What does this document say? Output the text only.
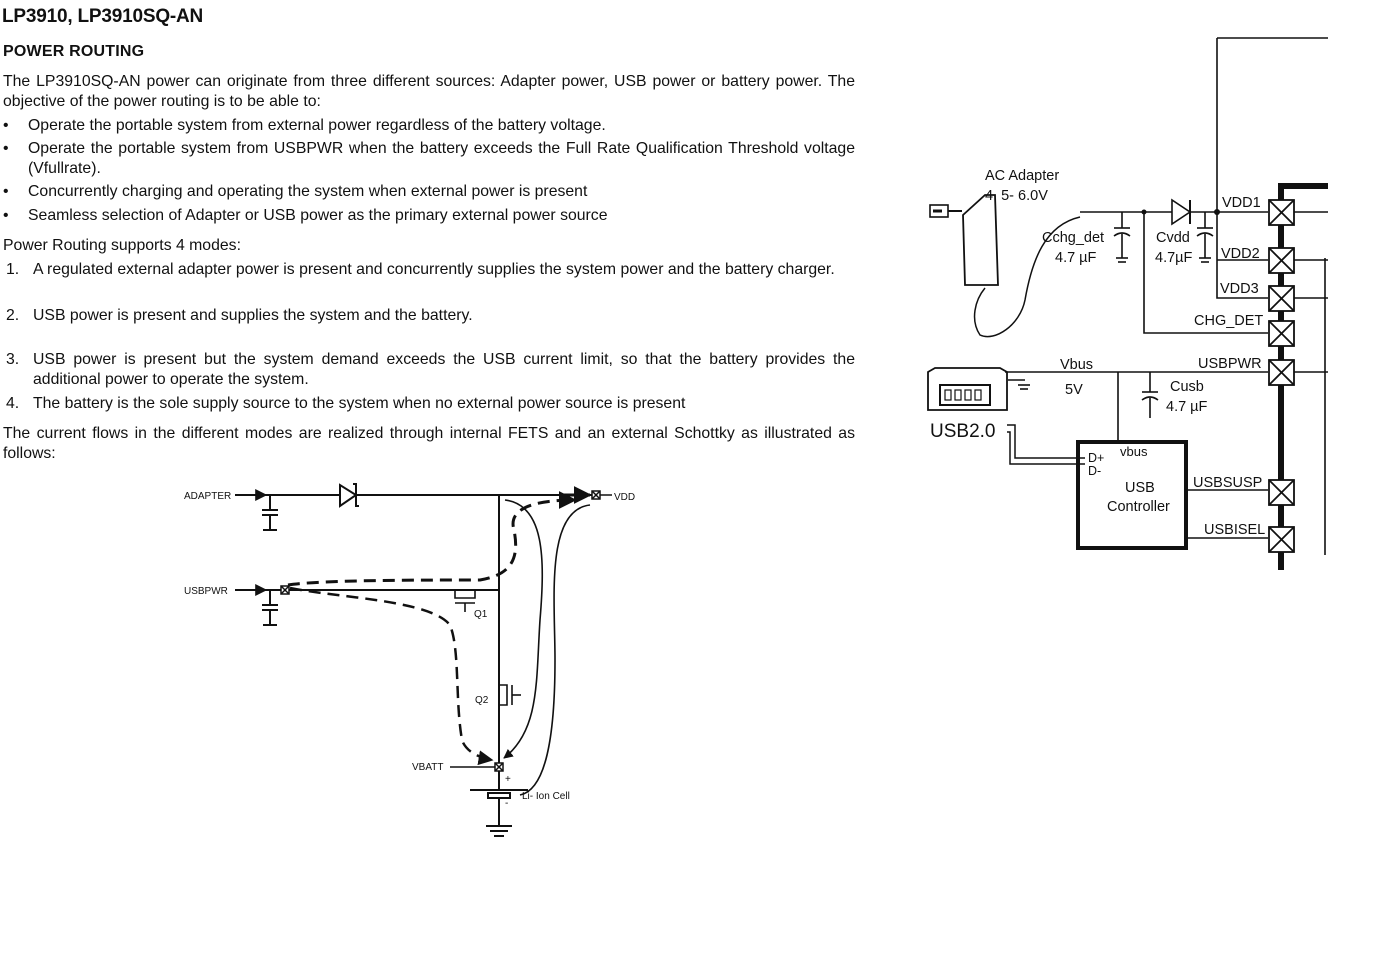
LP3910, LP3910SQ-AN
POWER ROUTING
The LP3910SQ-AN power can originate from three different sources: Adapter power, USB power or battery power. The objective of the power routing is to be able to:
• Operate the portable system from external power regardless of the battery voltage.
• Operate the portable system from USBPWR when the battery exceeds the Full Rate Qualification Threshold voltage (Vfullrate).
• Concurrently charging and operating the system when external power is present
• Seamless selection of Adapter or USB power as the primary external power source
Power Routing supports 4 modes:
1. A regulated external adapter power is present and concurrently supplies the system power and the battery charger.
2. USB power is present and supplies the system and the battery.
3. USB power is present but the system demand exceeds the USB current limit, so that the battery provides the additional power to operate the system.
4. The battery is the sole supply source to the system when no external power source is present
The current flows in the different modes are realized through internal FETS and an external Schottky as illustrated as follows:
ADAPTER
USBPWR
VDD
Q1
Q2
VBATT
+
-
Li- Ion Cell
AC Adapter
4. 5- 6.0V
Cchg_det
4.7 µF
Cvdd
4.7µF
VDD1
VDD2
VDD3
CHG_DET
Vbus
5V
USBPWR
Cusb
4.7 µF
D+
D-
vbus
USB
Controller
USBSUSP
USBISEL
USB2.0
